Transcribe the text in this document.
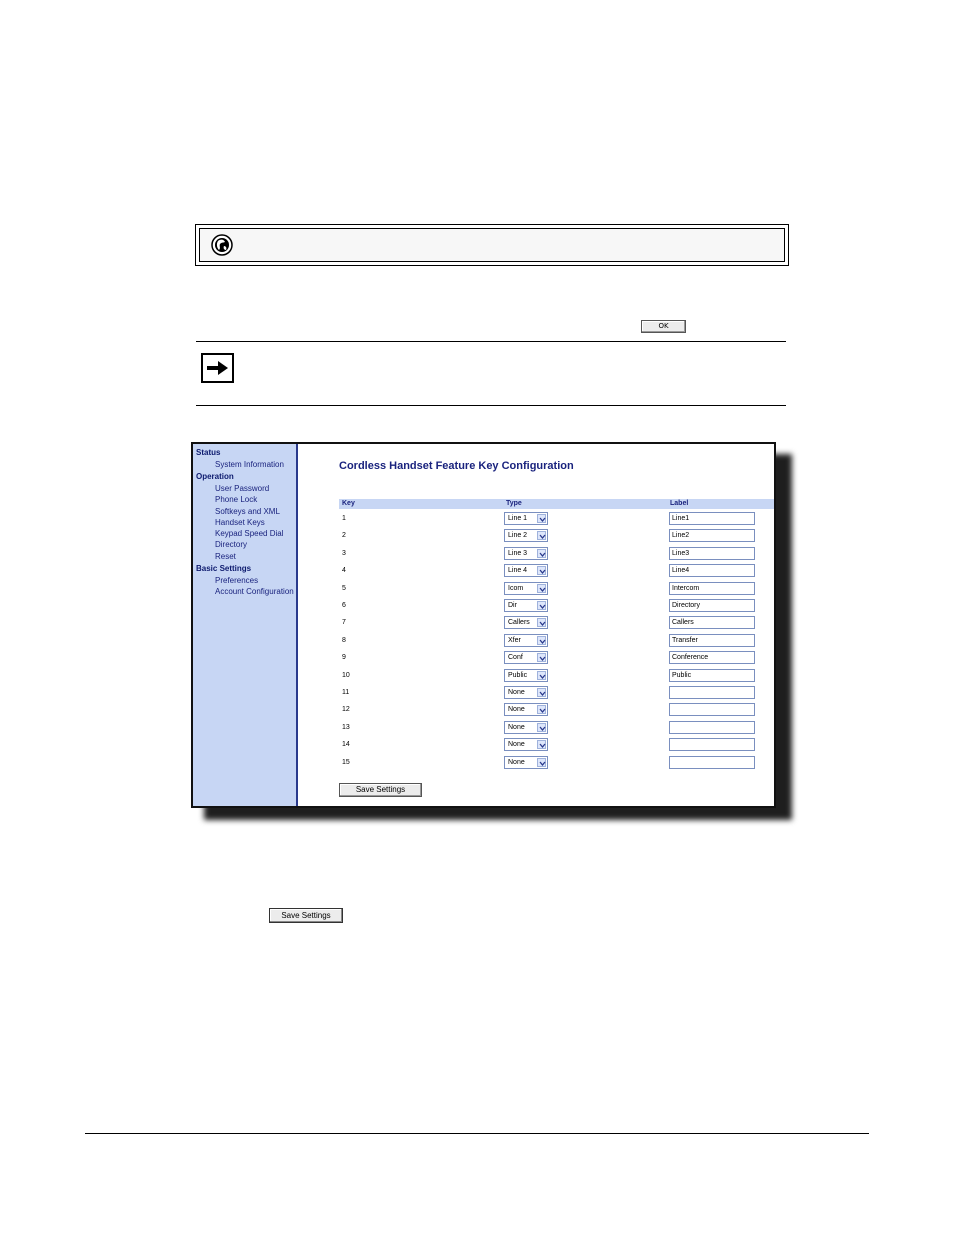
OK
Status
System Information
Operation
User Password
Phone Lock
Softkeys and XML
Handset Keys
Keypad Speed Dial
Directory
Reset
Basic Settings
Preferences
Account Configuration
Cordless Handset Feature Key Configuration
Key	Type	Label
1	Line 1	Line1
2	Line 2	Line2
3	Line 3	Line3
4	Line 4	Line4
5	Icom	Intercom
6	Dir	Directory
7	Callers	Callers
8	Xfer	Transfer
9	Conf	Conference
10	Public	Public
11	None
12	None
13	None
14	None
15	None
Save Settings
Save Settings
